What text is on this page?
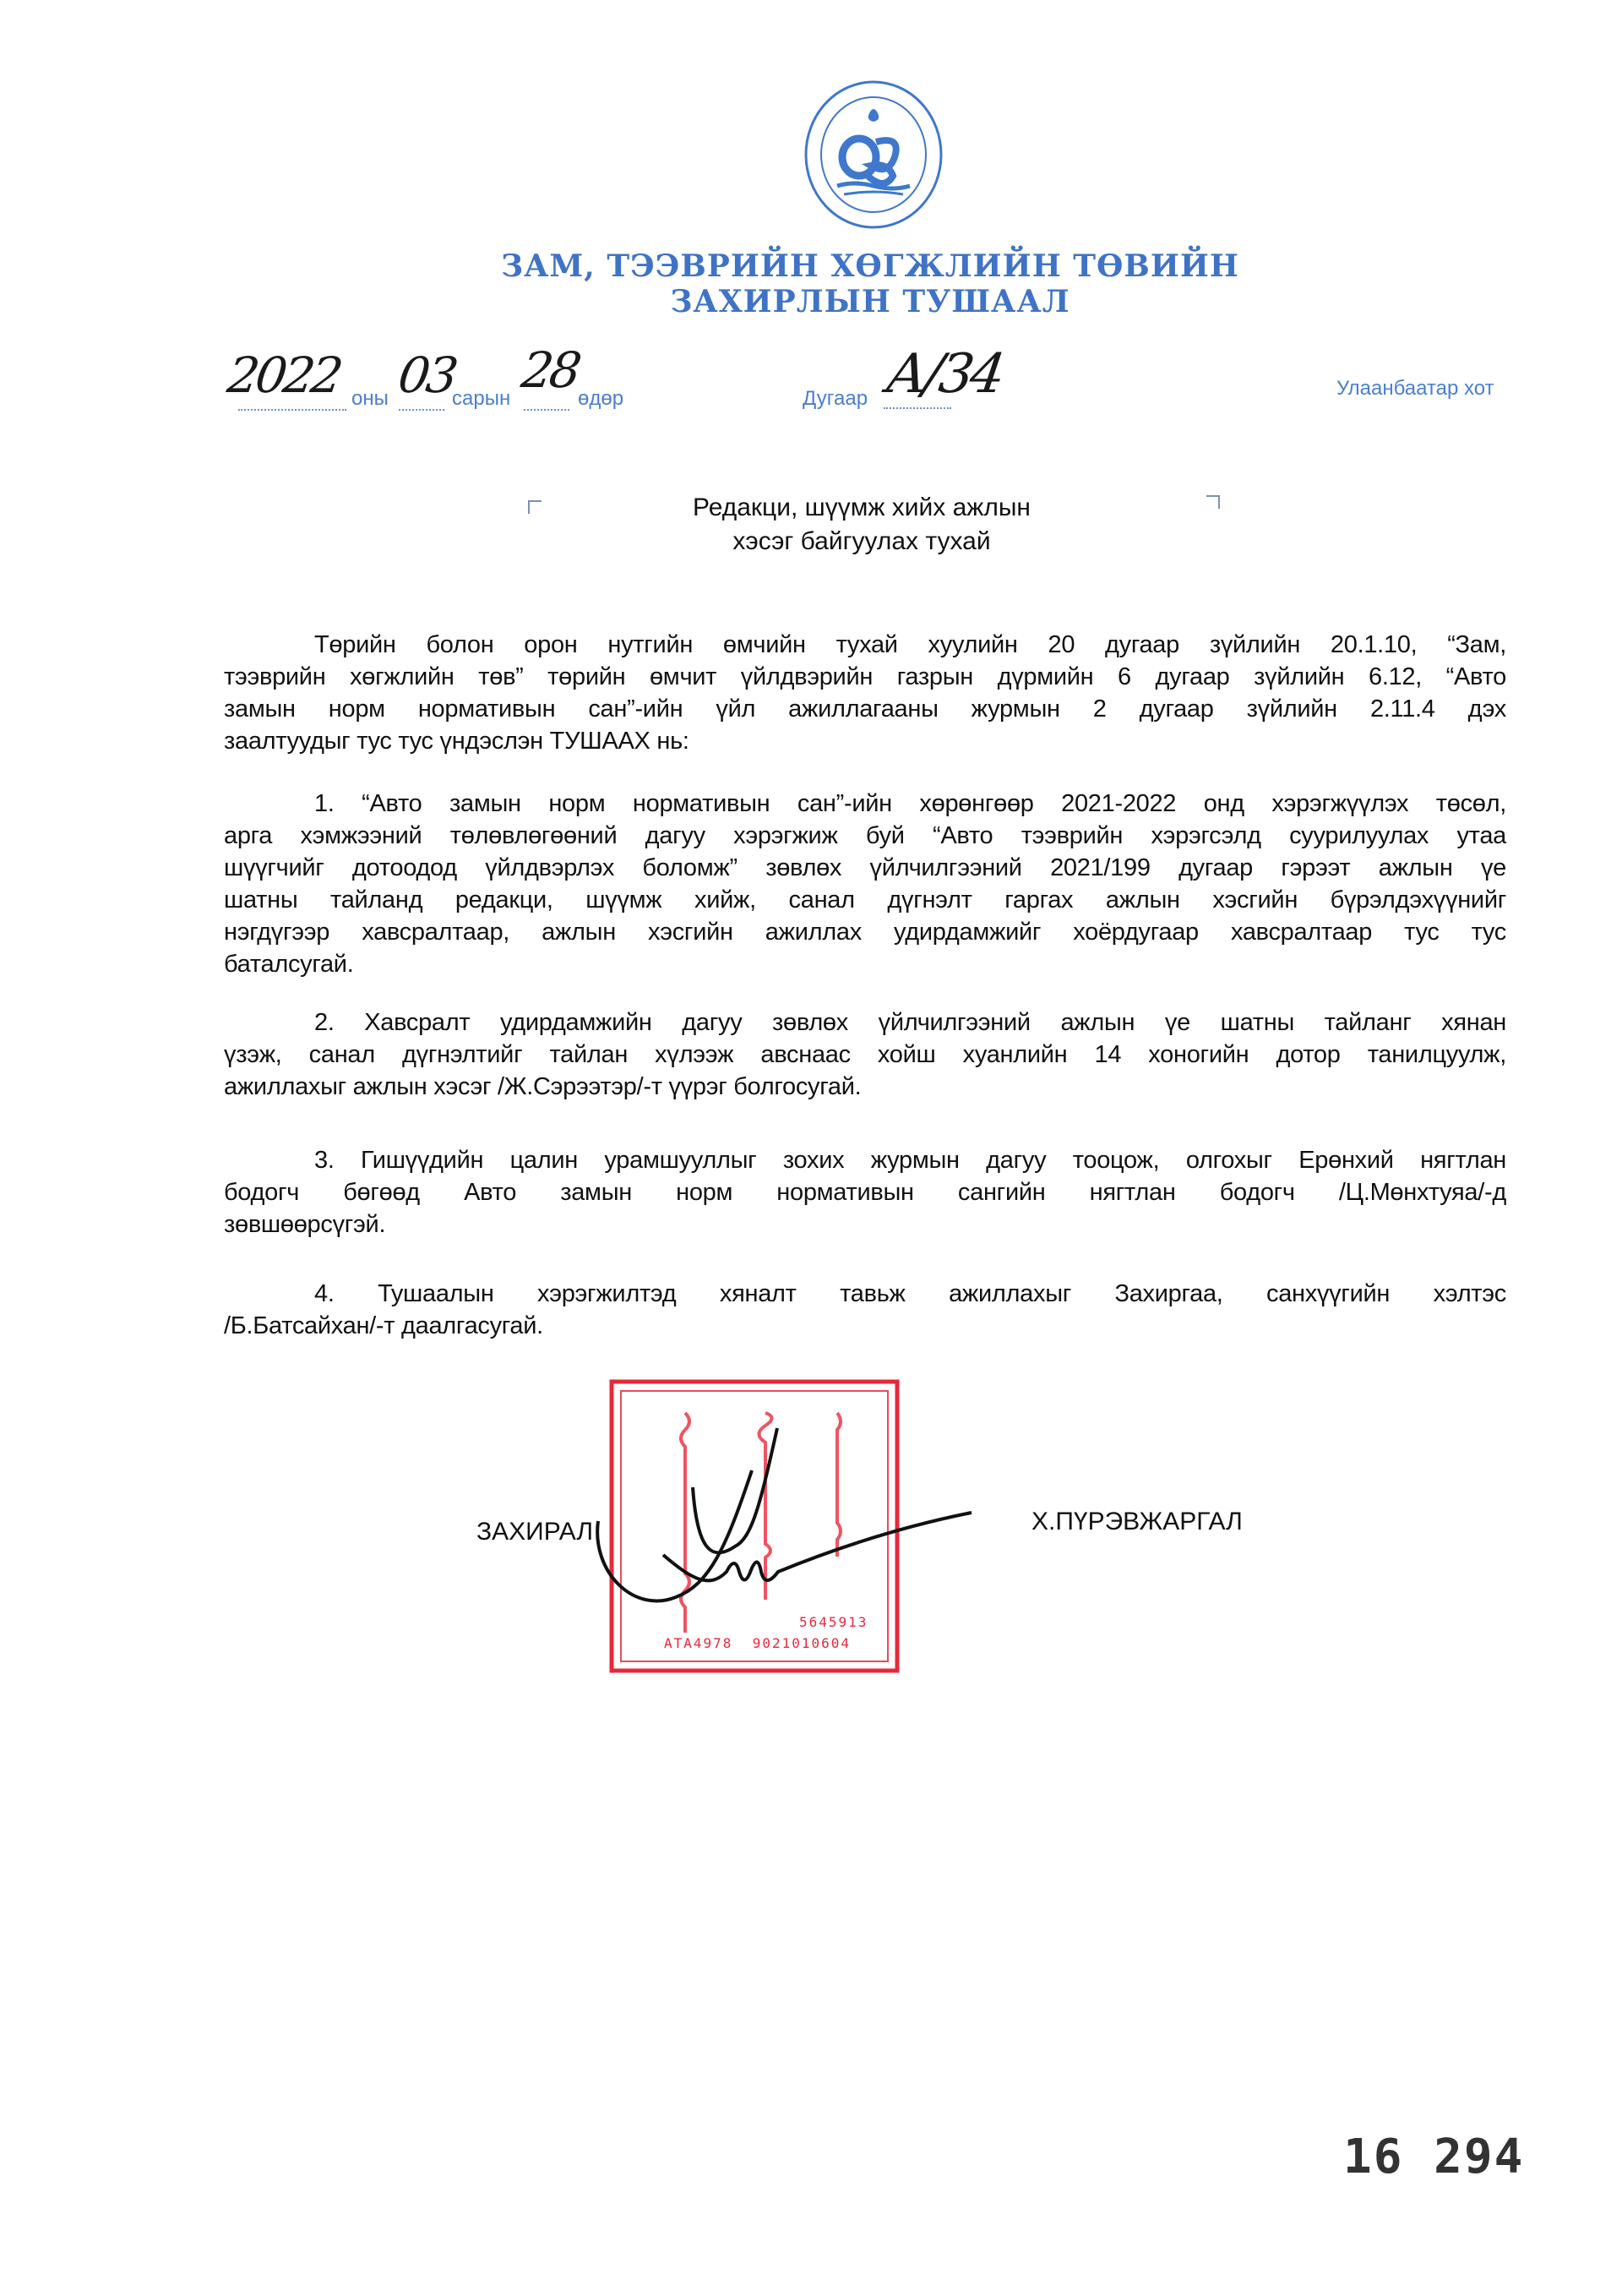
ЗАМ, ТЭЭВРИЙН ХӨГЖЛИЙН ТӨВИЙН
ЗАХИРЛЫН ТУШААЛ
2022 оны 03
сарын 28
өдөр	Дугаар А/34	Улаанбаатар хот
Редакци, шүүмж хийх ажлын
хэсэг байгуулах тухай
Төрийн болон орон нутгийн өмчийн тухай хуулийн 20 дугаар зүйлийн 20.1.10, “Зам,
тээврийн хөгжлийн төв” төрийн өмчит үйлдвэрийн газрын дүрмийн 6 дугаар зүйлийн 6.12, “Авто
замын норм нормативын сан”-ийн үйл ажиллагааны журмын 2 дугаар зүйлийн 2.11.4 дэх
заалтуудыг тус тус үндэслэн ТУШААХ нь:
1. “Авто замын норм нормативын сан”-ийн хөрөнгөөр 2021-2022 онд хэрэгжүүлэх төсөл,
арга хэмжээний төлөвлөгөөний дагуу хэрэгжиж буй “Авто тээврийн хэрэгсэлд суурилуулах утаа
шүүгчийг дотоодод үйлдвэрлэх боломж” зөвлөх үйлчилгээний 2021/199 дугаар гэрээт ажлын үе
шатны тайланд редакци, шүүмж хийж, санал дүгнэлт гаргах ажлын хэсгийн бүрэлдэхүүнийг
нэгдүгээр хавсралтаар, ажлын хэсгийн ажиллах удирдамжийг хоёрдугаар хавсралтаар тус тус
баталсугай.
2. Хавсралт удирдамжийн дагуу зөвлөх үйлчилгээний ажлын үе шатны тайланг хянан
үзэж, санал дүгнэлтийг тайлан хүлээж авснаас хойш хуанлийн 14 хоногийн дотор танилцуулж,
ажиллахыг ажлын хэсэг /Ж.Сэрээтэр/-т үүрэг болгосугай.
3. Гишүүдийн цалин урамшууллыг зохих журмын дагуу тооцож, олгохыг Ерөнхий нягтлан
бодогч бөгөөд Авто замын норм нормативын сангийн нягтлан бодогч /Ц.Мөнхтуяа/-д
зөвшөөрсүгэй.
4. Тушаалын хэрэгжилтэд хяналт тавьж ажиллахыг Захиргаа, санхүүгийн хэлтэс
/Б.Батсайхан/-т даалгасугай.
ЗАХИРАЛ	Х.ПҮРЭВЖАРГАЛ
5645913
АТА4978  9021010604
16 294
